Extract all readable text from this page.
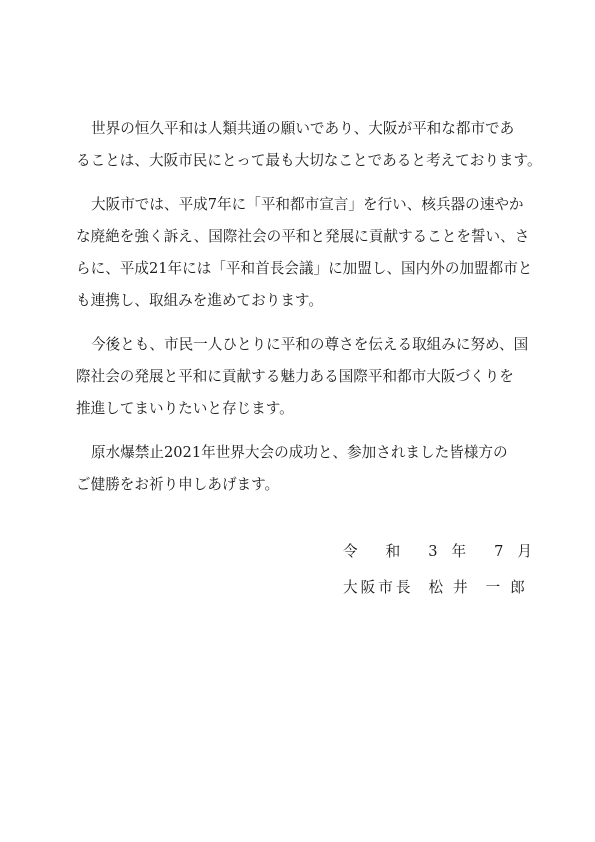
世界の恒久平和は人類共通の願いであり、大阪が平和な都市であ
ることは、大阪市民にとって最も大切なことであると考えております。

大阪市では、平成7年に「平和都市宣言」を行い、核兵器の速やか
な廃絶を強く訴え、国際社会の平和と発展に貢献することを誓い、さ
らに、平成21年には「平和首長会議」に加盟し、国内外の加盟都市と
も連携し、取組みを進めております。

今後とも、市民一人ひとりに平和の尊さを伝える取組みに努め、国
際社会の発展と平和に貢献する魅力ある国際平和都市大阪づくりを
推進してまいりたいと存じます。

原水爆禁止2021年世界大会の成功と、参加されました皆様方の
ご健勝をお祈り申しあげます。

令 和 3 年 7 月
大 阪 市 長 松 井 一 郎
